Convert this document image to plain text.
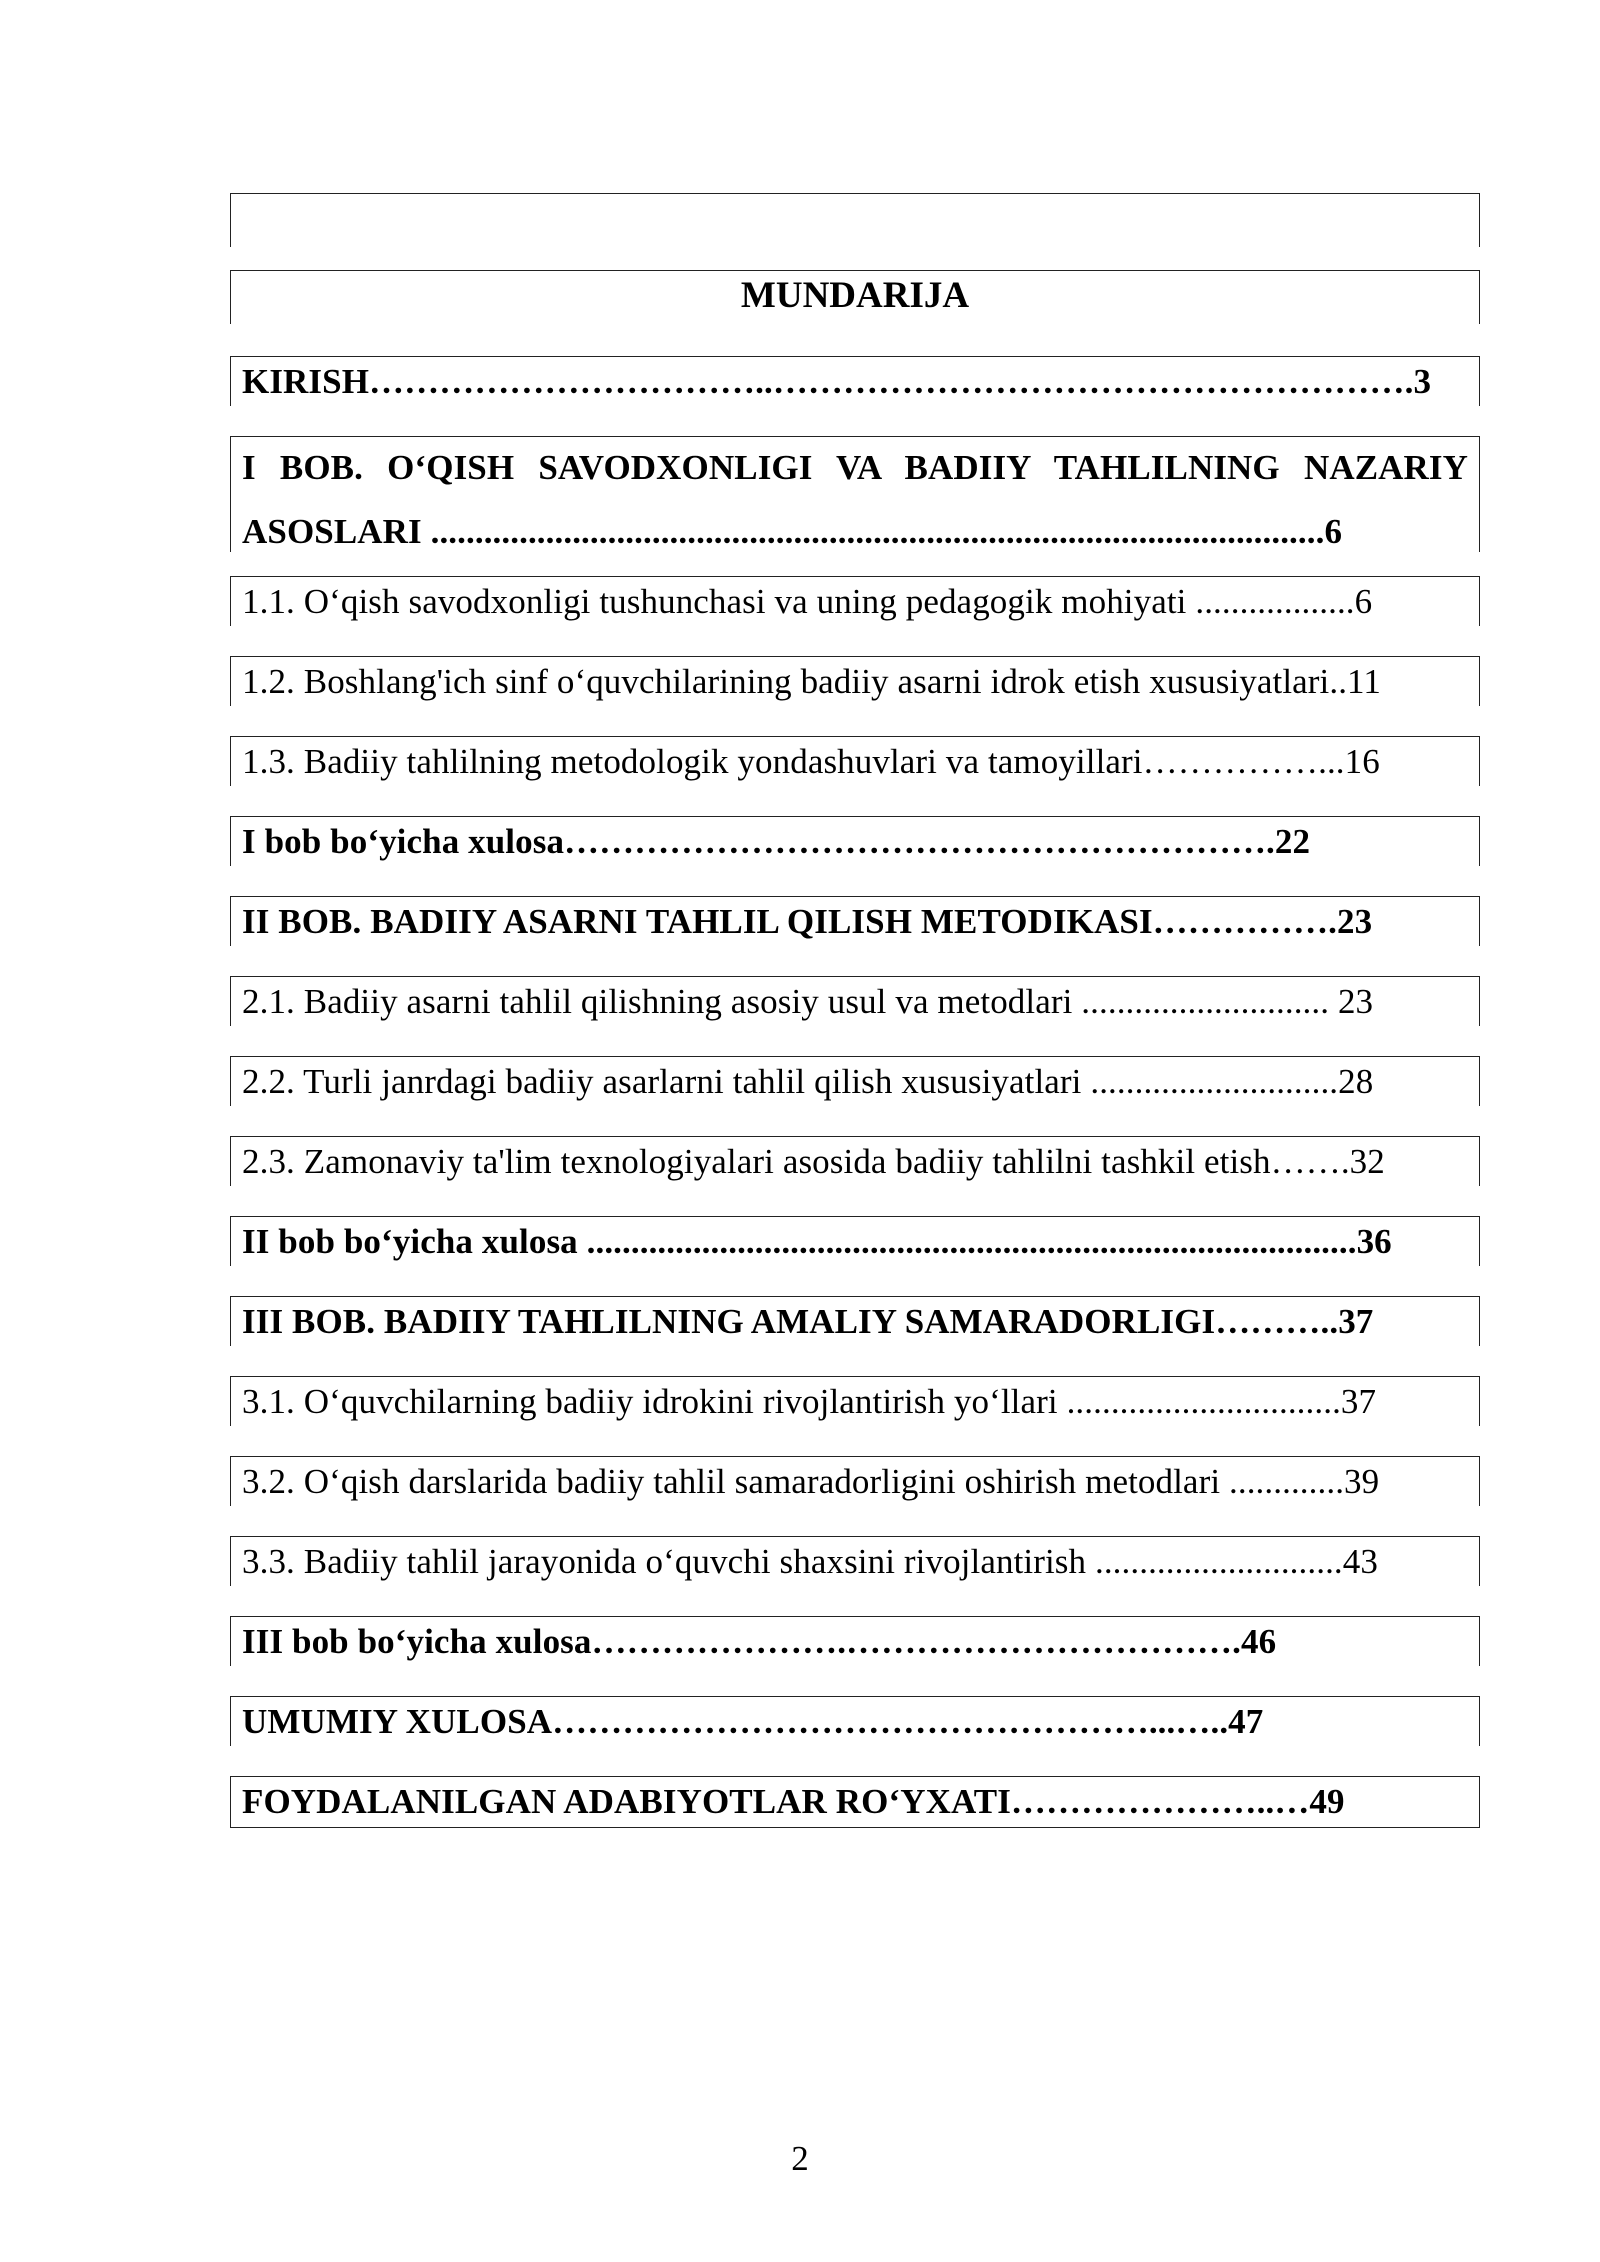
MUNDARIJA
KIRISH……………………………..……………………………………………….3
I BOB. O‘QISH SAVODXONLIGI VA BADIIY TAHLILNING NAZARIY ASOSLARI .....................................................................................................6
1.1. O‘qish savodxonligi tushunchasi va uning pedagogik mohiyati ..................6
1.2. Boshlang'ich sinf o‘quvchilarining badiiy asarni idrok etish xususiyatlari..11
1.3. Badiiy tahlilning metodologik yondashuvlari va tamoyillari……………...16
I bob bo‘yicha xulosa…………………………………………………….22
II BOB. BADIIY ASARNI TAHLIL QILISH METODIKASI…………….23
2.1. Badiiy asarni tahlil qilishning asosiy usul va metodlari ............................ 23
2.2. Turli janrdagi badiiy asarlarni tahlil qilish xususiyatlari ............................28
2.3. Zamonaviy ta'lim texnologiyalari asosida badiiy tahlilni tashkil etish…….32
II bob bo‘yicha xulosa .......................................................................................36
III BOB. BADIIY TAHLILNING AMALIY SAMARADORLIGI………..37
3.1. O‘quvchilarning badiiy idrokini rivojlantirish yo‘llari ...............................37
3.2. O‘qish darslarida badiiy tahlil samaradorligini oshirish metodlari .............39
3.3. Badiiy tahlil jarayonida o‘quvchi shaxsini rivojlantirish ............................43
III bob bo‘yicha xulosa………………….…………………………….46
UMUMIY XULOSA……………………………………………...…..47
FOYDALANILGAN ADABIYOTLAR RO‘YXATI…………………..…49
2
